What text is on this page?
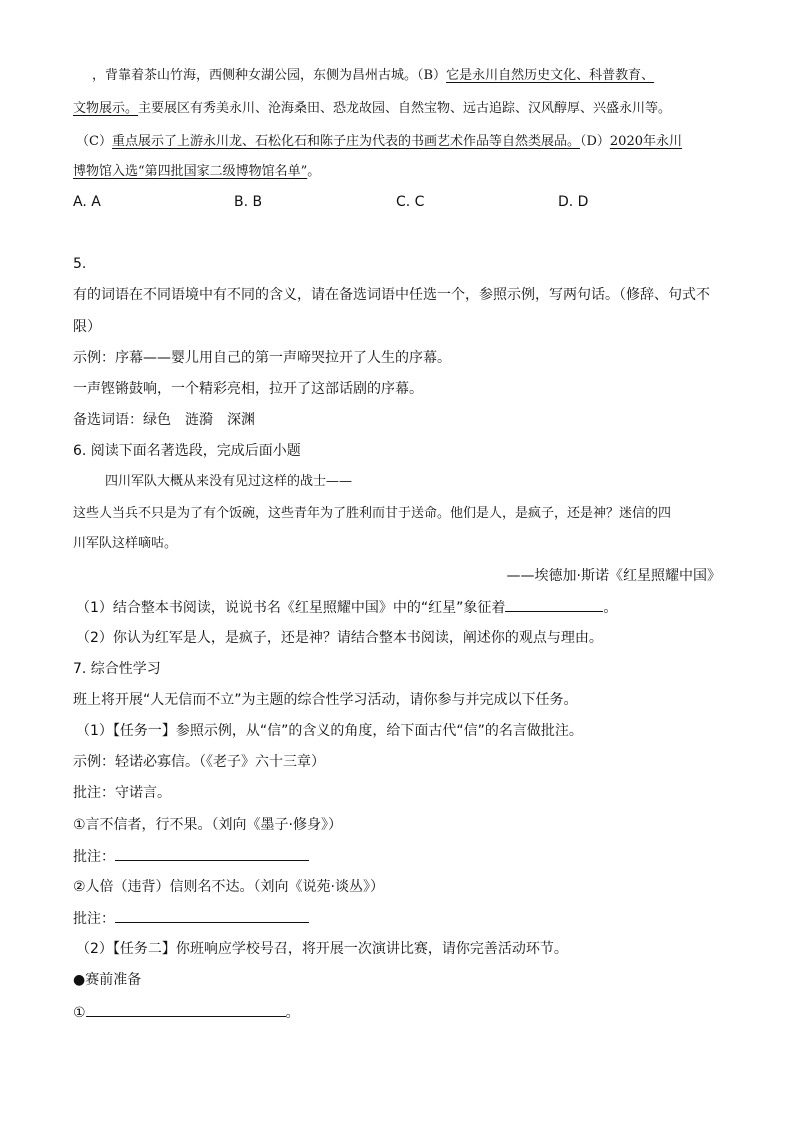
，背靠着茶山竹海，西侧种女湖公园，东侧为昌州古城。（B）它是永川自然历史文化、科普教育、
文物展示。主要展区有秀美永川、沧海桑田、恐龙故园、自然宝物、远古追踪、汉风醇厚、兴盛永川等。
（C）重点展示了上游永川龙、石松化石和陈子庄为代表的书画艺术作品等自然类展品。（D）2020年永川
博物馆入选“第四批国家二级博物馆名单”。
A. A	B. B	C. C	D. D
5.
有的词语在不同语境中有不同的含义，请在备选词语中任选一个，参照示例，写两句话。（修辞、句式不
限）
示例：序幕——婴儿用自己的第一声啼哭拉开了人生的序幕。
一声铿锵鼓响，一个精彩亮相，拉开了这部话剧的序幕。
备选词语：绿色　涟漪　深渊
6. 阅读下面名著选段，完成后面小题
四川军队大概从来没有见过这样的战士——
这些人当兵不只是为了有个饭碗，这些青年为了胜利而甘于送命。他们是人，是疯子，还是神？迷信的四
川军队这样嘀咕。
——埃德加·斯诺《红星照耀中国》
（1）结合整本书阅读，说说书名《红星照耀中国》中的“红星”象征着	。
（2）你认为红军是人，是疯子，还是神？请结合整本书阅读，阐述你的观点与理由。
7. 综合性学习
班上将开展“人无信而不立”为主题的综合性学习活动，请你参与并完成以下任务。
（1）【任务一】参照示例，从“信”的含义的角度，给下面古代“信”的名言做批注。
示例：轻诺必寡信。（《老子》六十三章）
批注：守诺言。
①言不信者，行不果。（刘向《墨子·修身》）
批注：
②人倍（违背）信则名不达。（刘向《说苑·谈丛》）
批注：
（2）【任务二】你班响应学校号召，将开展一次演讲比赛，请你完善活动环节。
●赛前准备
①	。
